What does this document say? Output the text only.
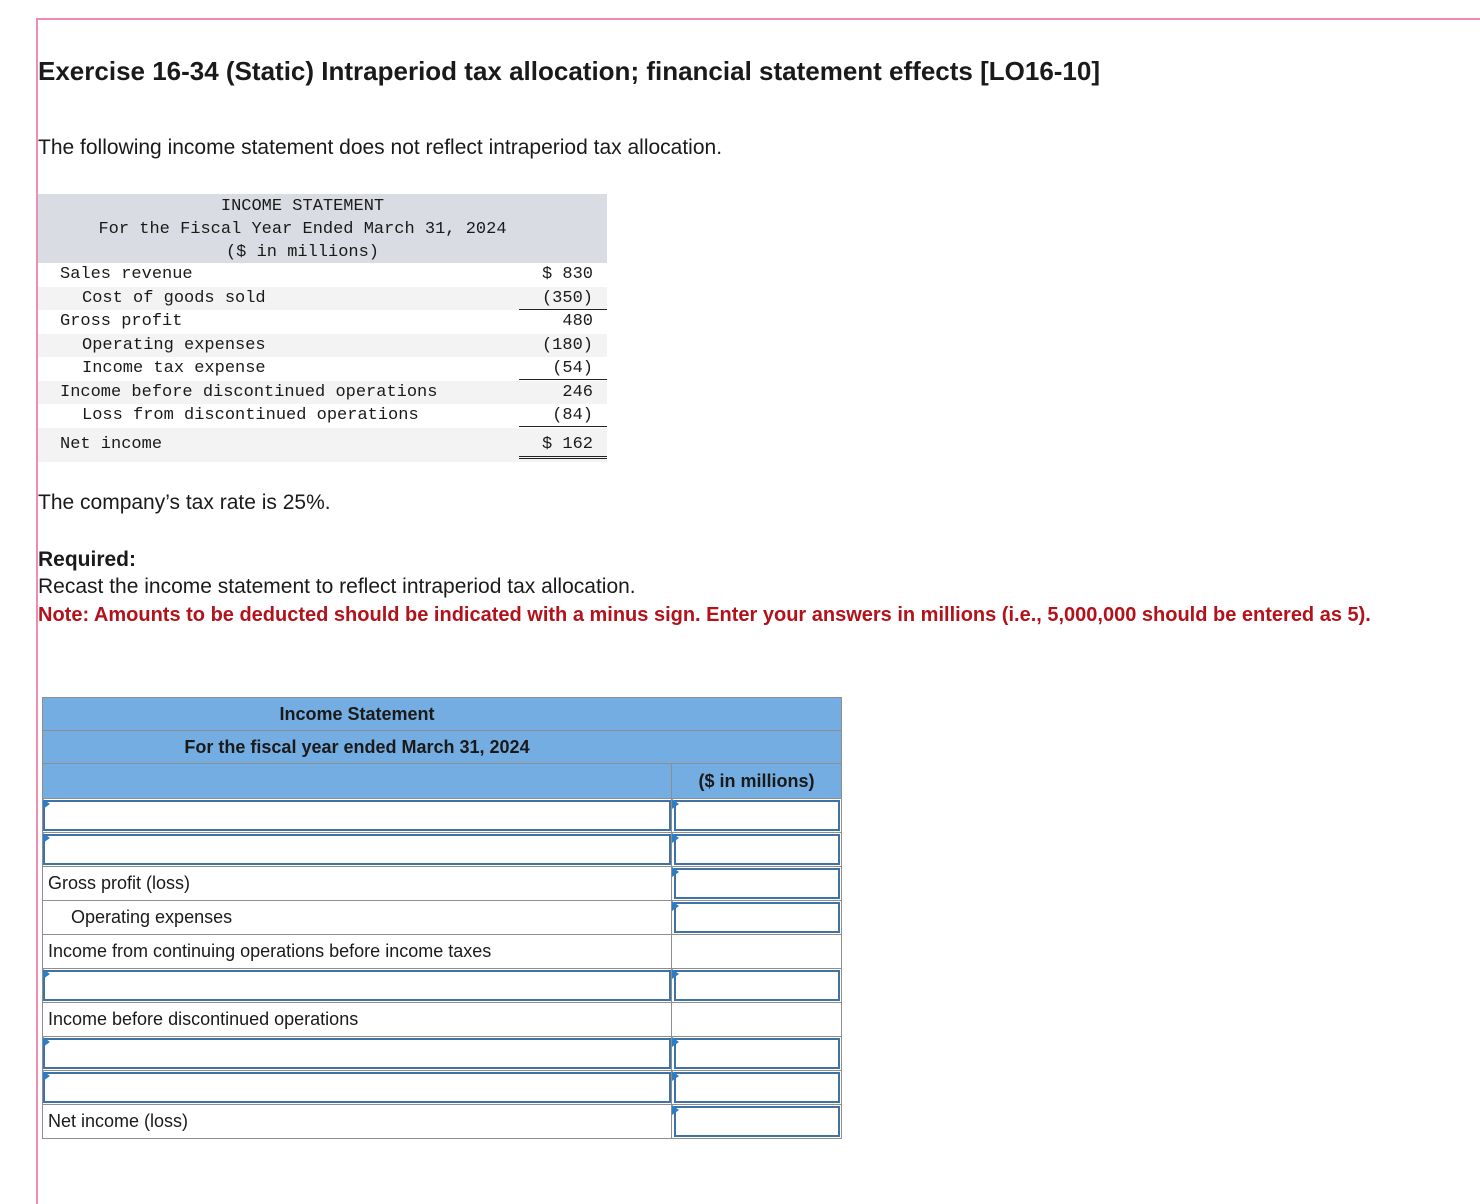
Exercise 16-34 (Static) Intraperiod tax allocation; financial statement effects [LO16-10]

The following income statement does not reflect intraperiod tax allocation.

INCOME STATEMENT
For the Fiscal Year Ended March 31, 2024
($ in millions)
Sales revenue	$ 830
Cost of goods sold	(350)
Gross profit	480
Operating expenses	(180)
Income tax expense	(54)
Income before discontinued operations	246
Loss from discontinued operations	(84)
Net income	$ 162

The company’s tax rate is 25%.

Required:

Recast the income statement to reflect intraperiod tax allocation.

Note: Amounts to be deducted should be indicated with a minus sign. Enter your answers in millions (i.e., 5,000,000 should be entered as 5).

Income Statement
For the fiscal year ended March 31, 2024
($ in millions)
Gross profit (loss)
Operating expenses
Income from continuing operations before income taxes
Income before discontinued operations
Net income (loss)
